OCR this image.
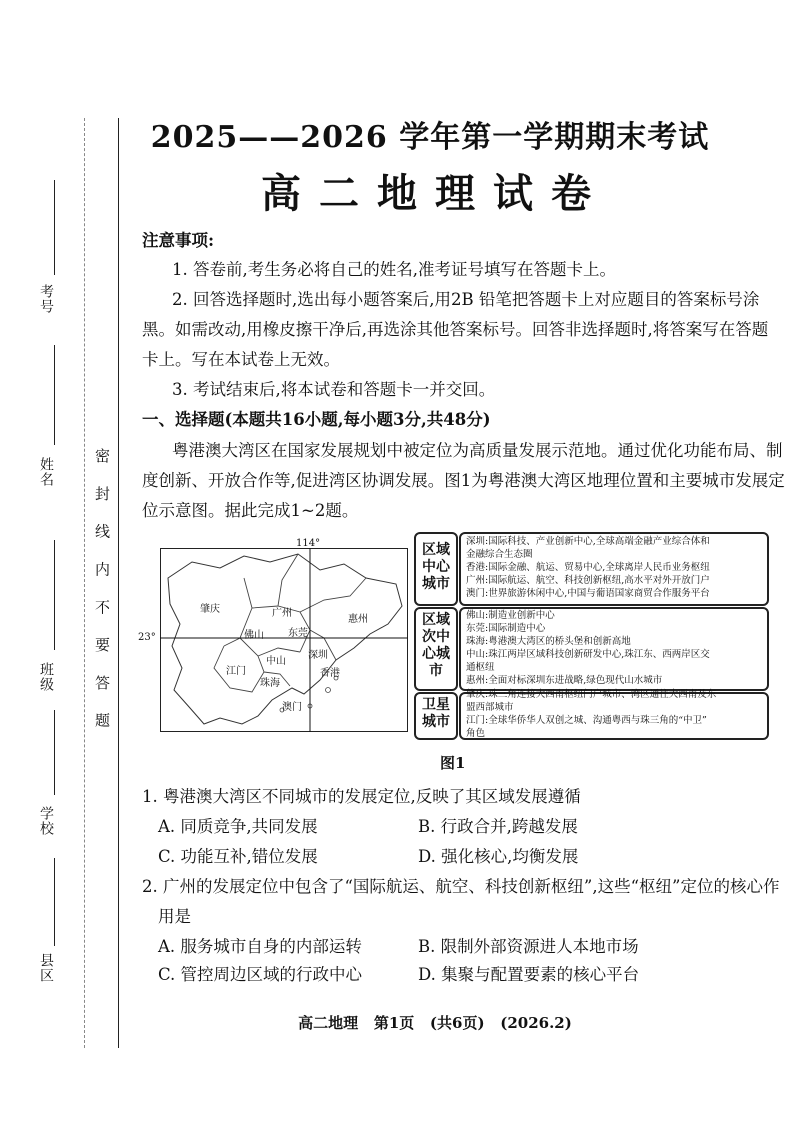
考号
姓名
班级
学校
县区
密 封 线 内 不 要 答 题
2025——2026 学年第一学期期末考试
高二地理试卷
注意事项:
1. 答卷前,考生务必将自己的姓名,准考证号填写在答题卡上。
2. 回答选择题时,选出每小题答案后,用2B 铅笔把答题卡上对应题目的答案标号涂
黑。如需改动,用橡皮擦干净后,再选涂其他答案标号。回答非选择题时,将答案写在答题
卡上。写在本试卷上无效。
3. 考试结束后,将本试卷和答题卡一并交回。
一、选择题(本题共16小题,每小题3分,共48分)
粤港澳大湾区在国家发展规划中被定位为高质量发展示范地。通过优化功能布局、制
度创新、开放合作等,促进湾区协调发展。图1为粤港澳大湾区地理位置和主要城市发展定
位示意图。据此完成1~2题。
肇庆	广州
惠州
佛山 东莞
江门
中山
深圳
珠海
澳门
香港
114°
23°
区域
中心
城市
深圳:国际科技、产业创新中心,全球高端金融产业综合体和
金融综合生态圈
香港:国际金融、航运、贸易中心,全球离岸人民币业务枢纽
广州:国际航运、航空、科技创新枢纽,高水平对外开放门户
澳门:世界旅游休闲中心,中国与葡语国家商贸合作服务平台
区域
次中
心城
市
佛山:制造业创新中心
东莞:国际制造中心
珠海:粤港澳大湾区的桥头堡和创新高地
中山:珠江两岸区域科技创新研发中心,珠江东、西两岸区交
通枢纽
惠州:全面对标深圳东进战略,绿色现代山水城市
卫星
城市
肇庆:珠三角连接大西南枢纽门户城市、湾区通往大西南及东
盟西部城市
江门:全球华侨华人双创之城、沟通粤西与珠三角的“中卫”
角色
图1
1. 粤港澳大湾区不同城市的发展定位,反映了其区域发展遵循
A. 同质竞争,共同发展	B. 行政合并,跨越发展
C. 功能互补,错位发展	D. 强化核心,均衡发展
2. 广州的发展定位中包含了“国际航运、航空、科技创新枢纽”,这些“枢纽”定位的核心作
用是
A. 服务城市自身的内部运转	B. 限制外部资源进人本地市场
C. 管控周边区域的行政中心	D. 集聚与配置要素的核心平台
高二地理   第1页   (共6页)   (2026.2)
